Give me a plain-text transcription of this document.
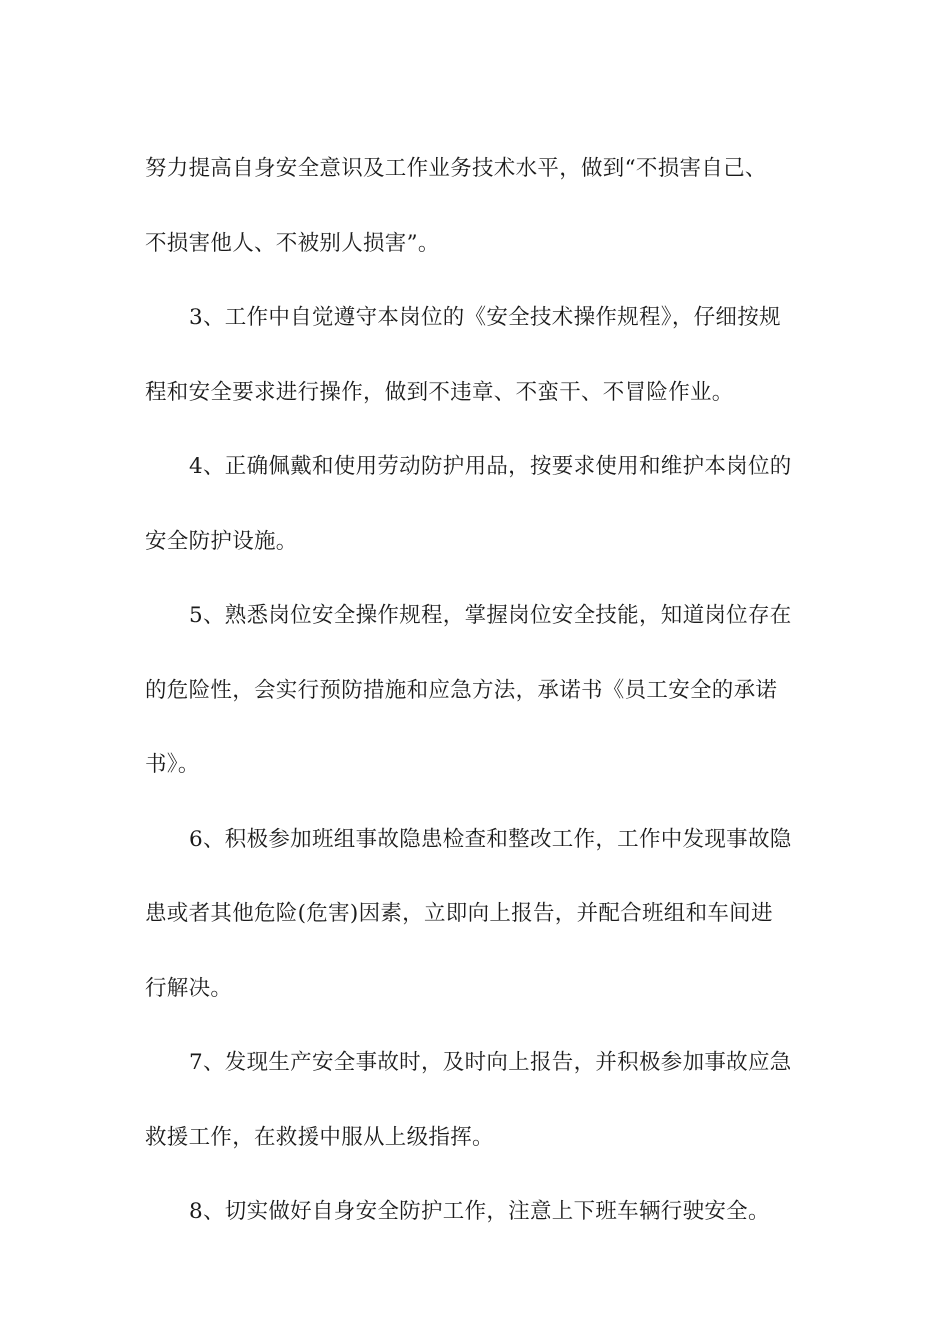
努力提高自身安全意识及工作业务技术水平，做到“不损害自己、
不损害他人、不被别人损害”。
3、工作中自觉遵守本岗位的《安全技术操作规程》，仔细按规
程和安全要求进行操作，做到不违章、不蛮干、不冒险作业。
4、正确佩戴和使用劳动防护用品，按要求使用和维护本岗位的
安全防护设施。
5、熟悉岗位安全操作规程，掌握岗位安全技能，知道岗位存在
的危险性，会实行预防措施和应急方法，承诺书《员工安全的承诺
书》。
6、积极参加班组事故隐患检查和整改工作，工作中发现事故隐
患或者其他危险(危害)因素，立即向上报告，并配合班组和车间进
行解决。
7、发现生产安全事故时，及时向上报告，并积极参加事故应急
救援工作，在救援中服从上级指挥。
8、切实做好自身安全防护工作，注意上下班车辆行驶安全。
